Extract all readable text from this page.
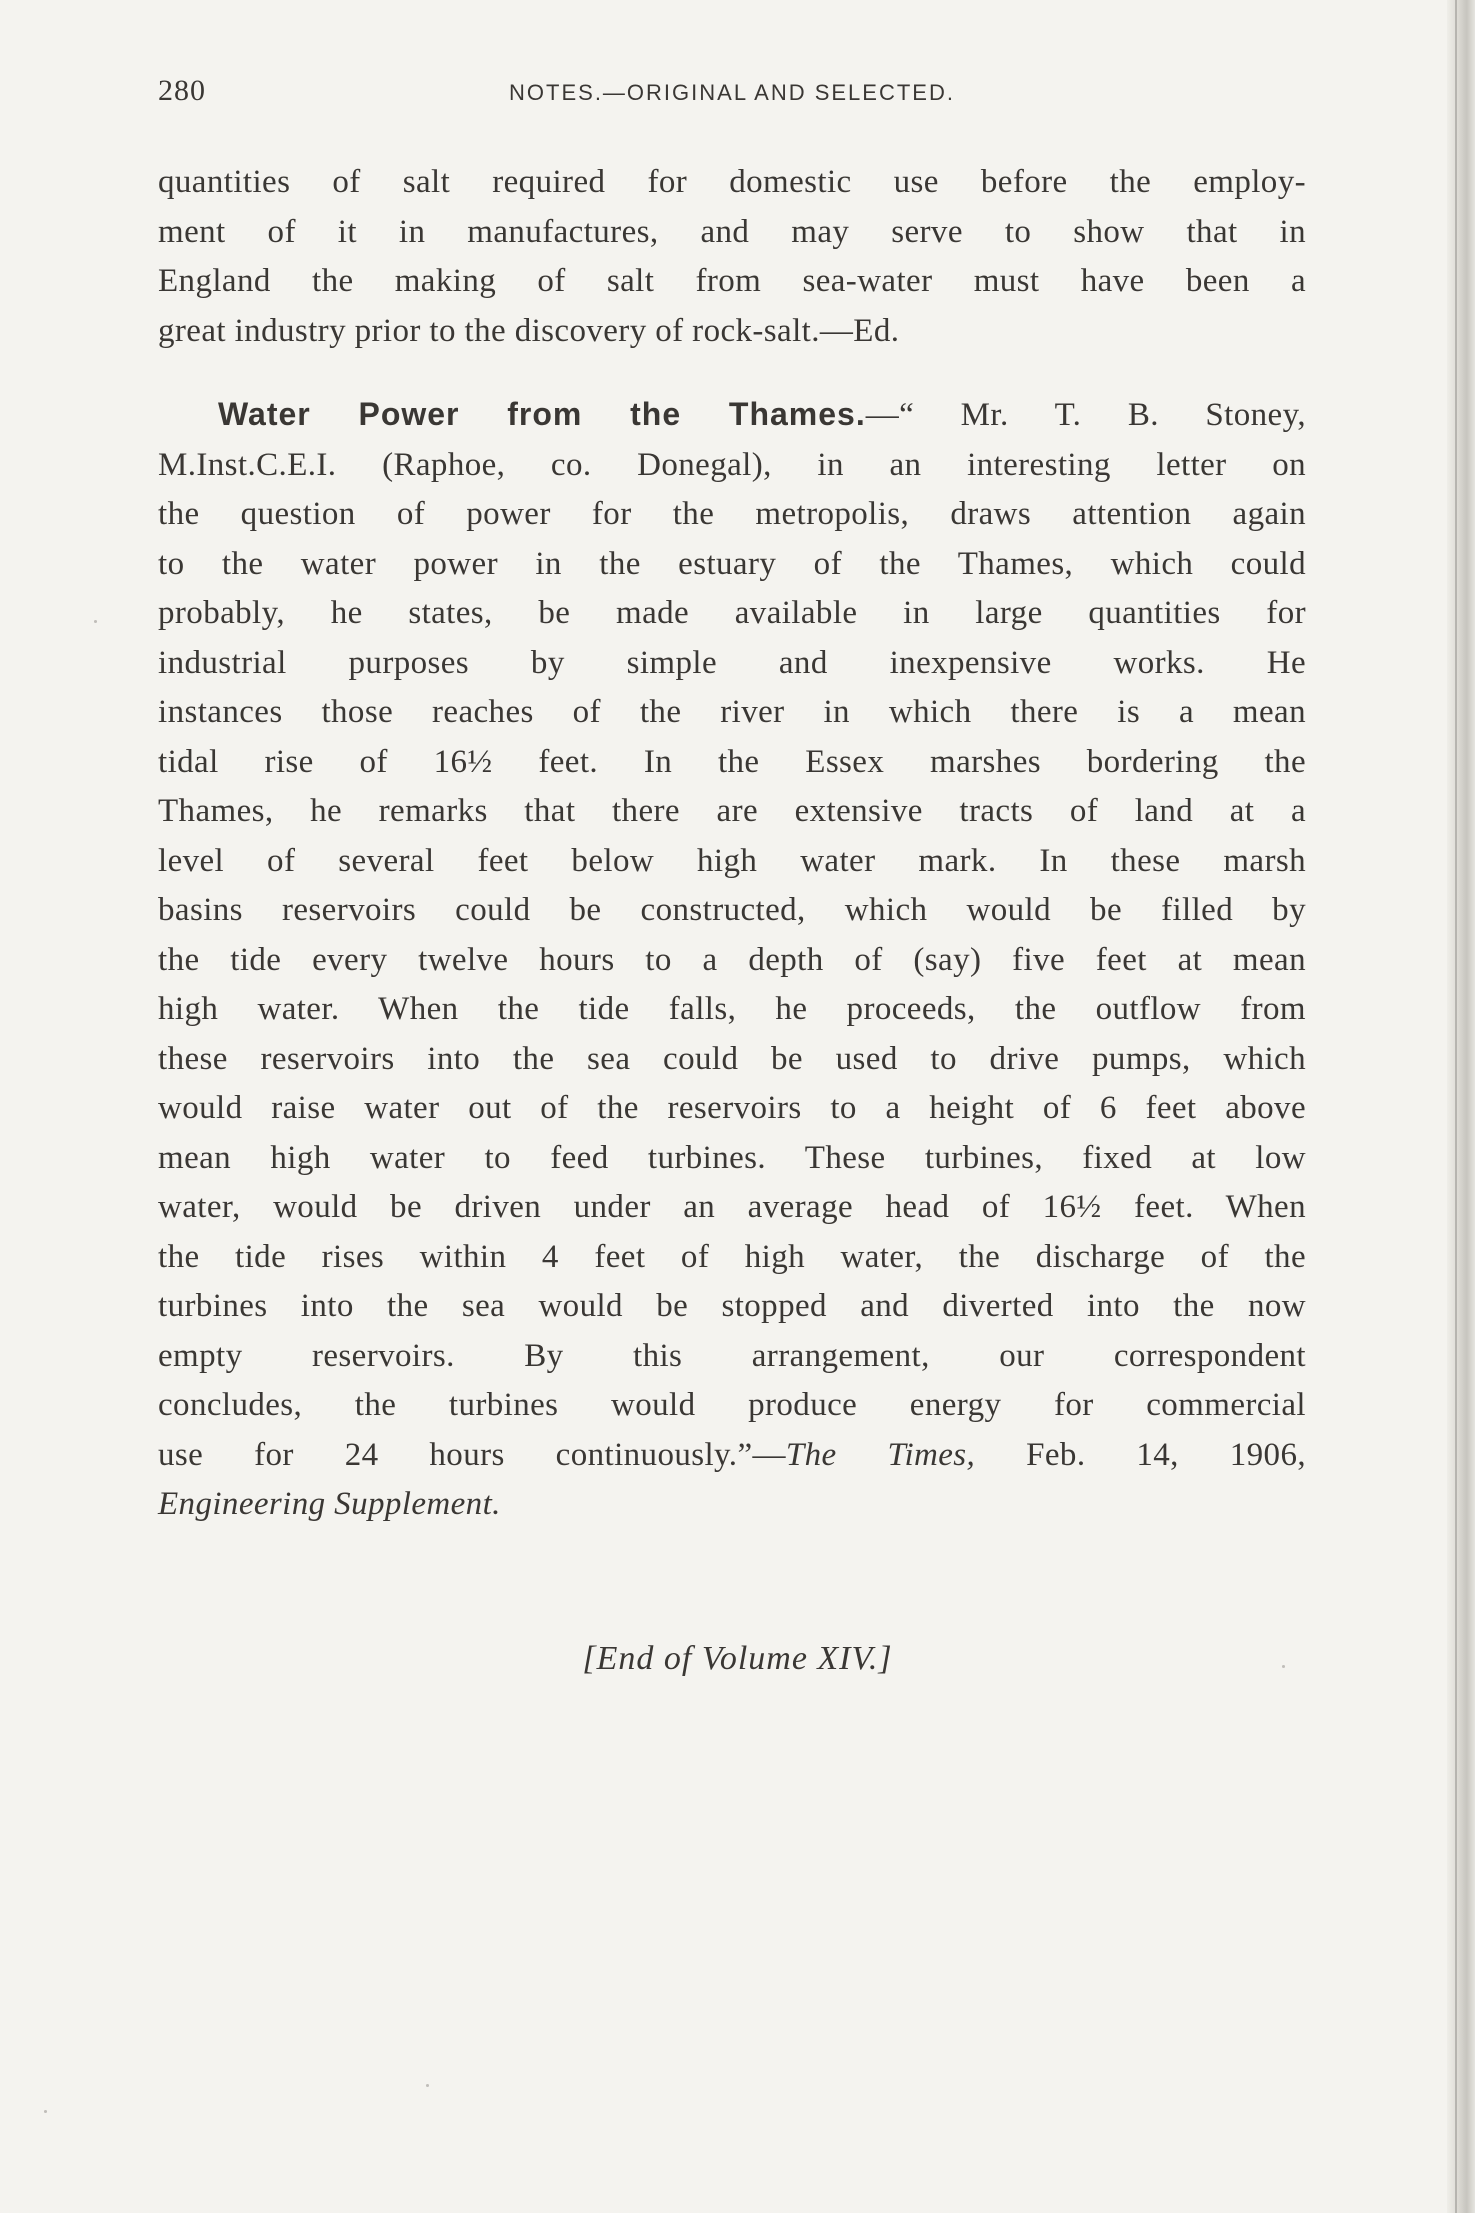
280	NOTES.—ORIGINAL AND SELECTED.
quantities of salt required for domestic use before the employ-
ment of it in manufactures, and may serve to show that in
England the making of salt from sea-water must have been a
great industry prior to the discovery of rock-salt.—Ed.
Water Power from the Thames.—“ Mr. T. B. Stoney,
M.Inst.C.E.I. (Raphoe, co. Donegal), in an interesting letter on
the question of power for the metropolis, draws attention again
to the water power in the estuary of the Thames, which could
probably, he states, be made available in large quantities for
industrial purposes by simple and inexpensive works. He
instances those reaches of the river in which there is a mean
tidal rise of 16½ feet. In the Essex marshes bordering the
Thames, he remarks that there are extensive tracts of land at a
level of several feet below high water mark. In these marsh
basins reservoirs could be constructed, which would be filled by
the tide every twelve hours to a depth of (say) five feet at mean
high water. When the tide falls, he proceeds, the outflow from
these reservoirs into the sea could be used to drive pumps, which
would raise water out of the reservoirs to a height of 6 feet above
mean high water to feed turbines. These turbines, fixed at low
water, would be driven under an average head of 16½ feet. When
the tide rises within 4 feet of high water, the discharge of the
turbines into the sea would be stopped and diverted into the now
empty reservoirs. By this arrangement, our correspondent
concludes, the turbines would produce energy for commercial
use for 24 hours continuously.”—The Times, Feb. 14, 1906,
Engineering Supplement.
[End of Volume XIV.]
